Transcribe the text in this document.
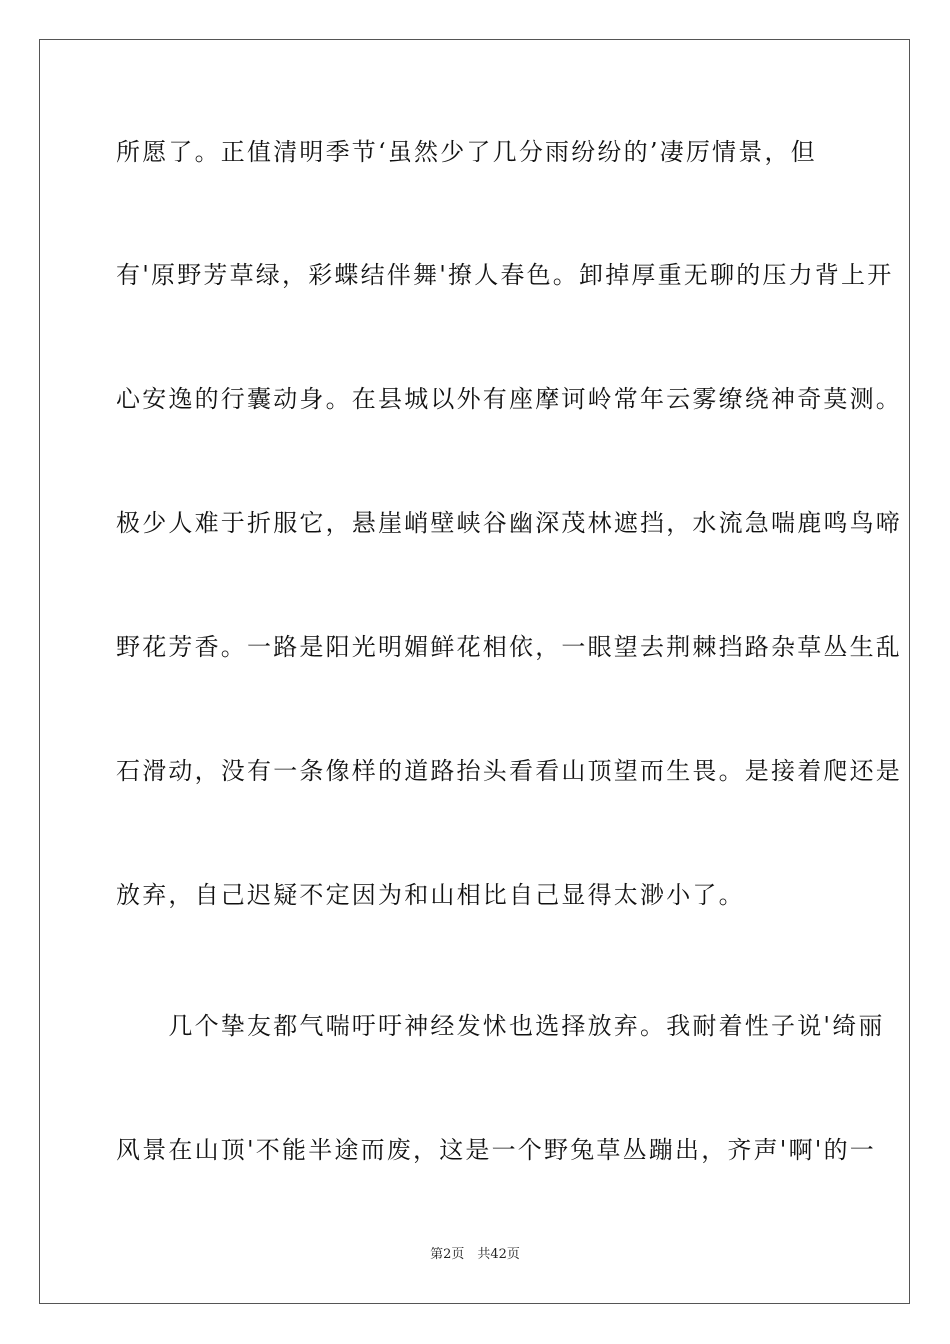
所愿了。正值清明季节‘虽然少了几分雨纷纷的’凄厉情景，但
有'原野芳草绿，彩蝶结伴舞'撩人春色。卸掉厚重无聊的压力背上开
心安逸的行囊动身。在县城以外有座摩诃岭常年云雾缭绕神奇莫测。
极少人难于折服它，悬崖峭壁峡谷幽深茂林遮挡，水流急喘鹿鸣鸟啼
野花芳香。一路是阳光明媚鲜花相依，一眼望去荆棘挡路杂草丛生乱
石滑动，没有一条像样的道路抬头看看山顶望而生畏。是接着爬还是
放弃，自己迟疑不定因为和山相比自己显得太渺小了。
　　几个挚友都气喘吁吁神经发怵也选择放弃。我耐着性子说'绮丽
风景在山顶'不能半途而废，这是一个野兔草丛蹦出，齐声'啊'的一
第2页　共42页
